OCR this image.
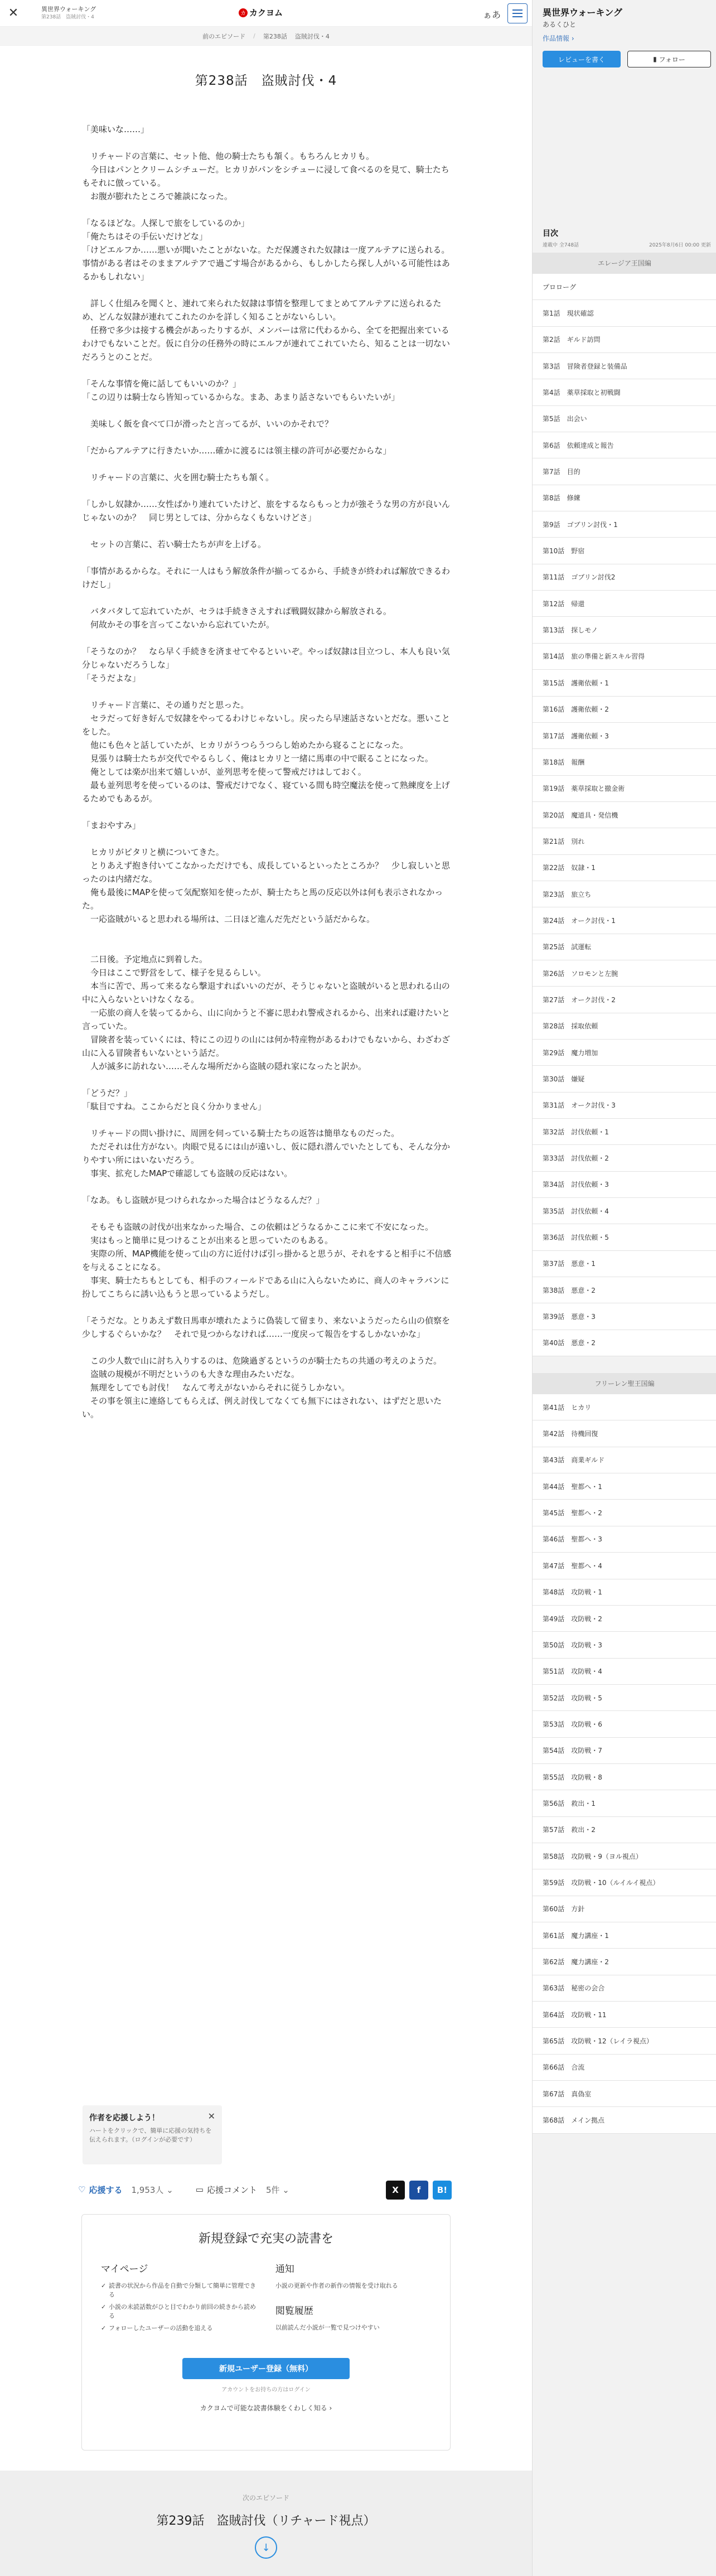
✕	異世界ウォーキング
第238話　盗賊討伐・4
カ カクヨム	ぁあ
前のエピソード / 第238話 盗賊討伐・4
第238話　盗賊討伐・4
「美味いな……」
　リチャードの言葉に、セット他、他の騎士たちも頷く。もちろんヒカリも。
　今日はパンとクリームシチューだ。ヒカリがパンをシチューに浸して食べるのを見て、騎士たちもそれに倣っている。
　お腹が膨れたところで雑談になった。
「なるほどな。人探しで旅をしているのか」
「俺たちはその手伝いだけどな」
「けどエルフか……悪いが聞いたことがないな。ただ保護された奴隷は一度アルテアに送られる。事情がある者はそのままアルテアで過ごす場合があるから、もしかしたら探し人がいる可能性はあるかもしれない」
　詳しく仕組みを聞くと、連れて来られた奴隷は事情を整理してまとめてアルテアに送られるため、どんな奴隷が連れてこれたのかを詳しく知ることがないらしい。
　任務で多少は接する機会があったりするが、メンバーは常に代わるから、全てを把握出来ているわけでもないことだ。仮に自分の任務外の時にエルフが連れてこれていたら、知ることは一切ないだろうとのことだ。
「そんな事情を俺に話してもいいのか？」
「この辺りは騎士なら皆知っているからな。まあ、あまり話さないでもらいたいが」
　美味しく飯を食べて口が滑ったと言ってるが、いいのかそれで？
「だからアルテアに行きたいか……確かに渡るには領主様の許可が必要だからな」
　リチャードの言葉に、火を囲む騎士たちも頷く。
「しかし奴隷か……女性ばかり連れていたけど、旅をするならもっと力が強そうな男の方が良いんじゃないのか？　同じ男としては、分からなくもないけどさ」
　セットの言葉に、若い騎士たちが声を上げる。
「事情があるからな。それに一人はもう解放条件が揃ってるから、手続きが終われば解放できるわけだし」
　バタバタして忘れていたが、セラは手続きさえすれば戦闘奴隷から解放される。
　何故かその事を言ってこないから忘れていたが。
「そうなのか？　なら早く手続きを済ませてやるといいぞ。やっぱ奴隷は目立つし、本人も良い気分じゃないだろうしな」
「そうだよな」
　リチャード言葉に、その通りだと思った。
　セラだって好き好んで奴隷をやってるわけじゃないし。戻ったら早速話さないとだな。悪いことをした。
　他にも色々と話していたが、ヒカリがうつらうつらし始めたから寝ることになった。
　見張りは騎士たちが交代でやるらしく、俺はヒカリと一緒に馬車の中で眠ることになった。
　俺としては楽が出来て嬉しいが、並列思考を使って警戒だけはしておく。
　最も並列思考を使っているのは、警戒だけでなく、寝ている間も時空魔法を使って熟練度を上げるためでもあるが。
「まおやすみ」
　ヒカリがピタリと横についてきた。
　とりあえず抱き付いてこなかっただけでも、成長しているといったところか？　少し寂しいと思ったのは内緒だな。
　俺も最後にMAPを使って気配察知を使ったが、騎士たちと馬の反応以外は何も表示されなかった。
　一応盗賊がいると思われる場所は、二日ほど進んだ先だという話だからな。
　二日後。予定地点に到着した。
　今日はここで野営をして、様子を見るらしい。
　本当に苦で、馬って来るなら撃退すればいいのだが、そうじゃないと盗賊がいると思われる山の中に入らないといけなくなる。
　一応旅の商人を装ってるから、山に向かうと不審に思われ警戒されるから、出来れば避けたいと言っていた。
　冒険者を装っていくには、特にこの辺りの山には何か特産物があるわけでもないから、わざわざ山に入る冒険者もいないという話だ。
　人が滅多に訪れない……そんな場所だから盗賊の隠れ家になったと訳か。
「どうだ？」
「駄目ですね。ここからだと良く分かりません」
　リチャードの問い掛けに、周囲を伺っている騎士たちの返答は簡単なものだった。
　ただそれは仕方がない。肉眼で見るには山が遠いし、仮に隠れ潜んでいたとしても、そんな分かりやすい所にはいないだろう。
　事実、拡充したMAPで確認しても盗賊の反応はない。
「なあ。もし盗賊が見つけられなかった場合はどうなるんだ？」
　そもそも盗賊の討伐が出来なかった場合、この依頼はどうなるかここに来て不安になった。
　実はもっと簡単に見つけることが出来ると思っていたのもある。
　実際の所、MAP機能を使って山の方に近付けば引っ掛かると思うが、それをすると相手に不信感を与えることになる。
　事実、騎士たちもとしても、相手のフィールドである山に入らないために、商人のキャラバンに扮してこちらに誘い込もうと思っているようだし。
「そうだな。とりあえず数日馬車が壊れたように偽装して留まり、来ないようだったら山の偵察を少しするぐらいかな？　それで見つからなければ……一度戻って報告をするしかないかな」
　この少人数で山に討ち入りするのは、危険過ぎるというのが騎士たちの共通の考えのようだ。
　盗賊の規模が不明だというのも大きな理由みたいだな。
　無理をしてでも討伐！　なんて考えがないからそれに従うしかない。
　その事を領主に連絡してもらえば、例え討伐してなくても無下にはされない、はずだと思いたい。
作者を応援しよう！
ハートをクリックで、簡単に応援の気持ちを伝えられます。（ログインが必要です）
✕
♡ 応援する 1,953人 ⌄	▭ 応援コメント 5件 ⌄	X	f	B!
新規登録で充実の読書を
マイページ
✓ 読書の状況から作品を自動で分類して簡単に管理できる
✓ 小説の未読話数がひと目でわかり前回の続きから読める
✓ フォローしたユーザーの活動を追える
通知
小説の更新や作者の新作の情報を受け取れる
閲覧履歴
以前読んだ小説が一覧で見つけやすい
新規ユーザー登録（無料）
アカウントをお持ちの方はログイン
カクヨムで可能な読書体験をくわしく知る ›
次のエピソード
第239話　盗賊討伐（リチャード視点）
↓
異世界ウォーキング
あるくひと
作品情報 ›
レビューを書く	▮
フォロー
目次
連載中 全748話	2025年8月6日 00:00 更新
エレージア王国編
プロローグ
第1話　現状確認
第2話　ギルド訪問
第3話　冒険者登録と装備品
第4話　薬草採取と初戦闘
第5話　出会い
第6話　依頼達成と報告
第7話　目的
第8話　修練
第9話　ゴブリン討伐・1
第10話　野宿
第11話　ゴブリン討伐2
第12話　帰還
第13話　探しモノ
第14話　旅の準備と新スキル習得
第15話　護衛依頼・1
第16話　護衛依頼・2
第17話　護衛依頼・3
第18話　報酬
第19話　薬草採取と撤金術
第20話　魔道具・発信機
第21話　別れ
第22話　奴隷・1
第23話　旅立ち
第24話　オーク討伐・1
第25話　試運転
第26話　ソロモンと左腕
第27話　オーク討伐・2
第28話　採取依頼
第29話　魔力増加
第30話　嫌疑
第31話　オーク討伐・3
第32話　討伐依頼・1
第33話　討伐依頼・2
第34話　討伐依頼・3
第35話　討伐依頼・4
第36話　討伐依頼・5
第37話　悪意・1
第38話　悪意・2
第39話　悪意・3
第40話　悪意・2
フリーレン聖王国編
第41話　ヒカリ
第42話　待機回復
第43話　商業ギルド
第44話　聖都へ・1
第45話　聖都へ・2
第46話　聖都へ・3
第47話　聖都へ・4
第48話　攻防戦・1
第49話　攻防戦・2
第50話　攻防戦・3
第51話　攻防戦・4
第52話　攻防戦・5
第53話　攻防戦・6
第54話　攻防戦・7
第55話　攻防戦・8
第56話　救出・1
第57話　救出・2
第58話　攻防戦・9（ヨル視点）
第59話　攻防戦・10（ルイルイ視点）
第60話　方針
第61話　魔力講座・1
第62話　魔力講座・2
第63話　秘密の会合
第64話　攻防戦・11
第65話　攻防戦・12（レイラ視点）
第66話　合流
第67話　真偽室
第68話　メイン拠点
